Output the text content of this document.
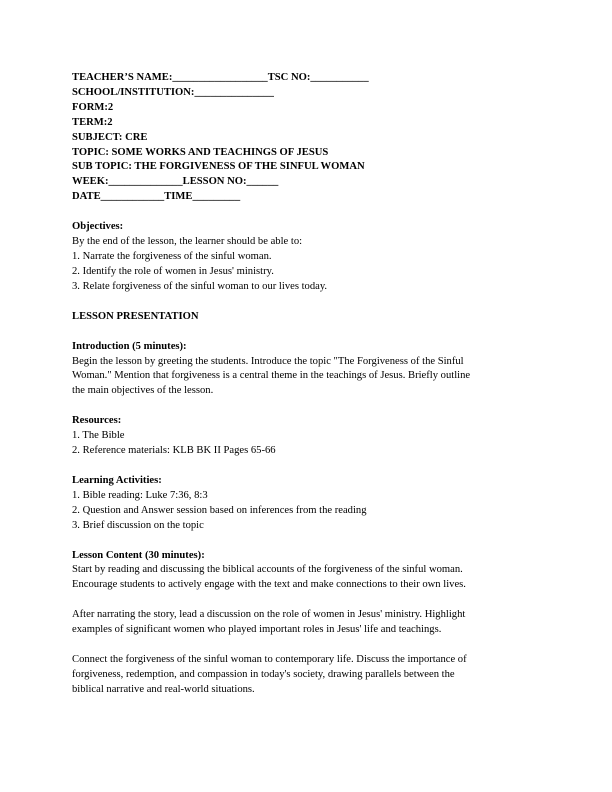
TEACHER’S NAME:__________________TSC NO:___________
SCHOOL/INSTITUTION:_______________
FORM:2
TERM:2
SUBJECT: CRE
TOPIC: SOME WORKS AND TEACHINGS OF JESUS
SUB TOPIC: THE FORGIVENESS OF THE SINFUL WOMAN
WEEK:______________LESSON NO:______
DATE____________TIME_________
Objectives:
By the end of the lesson, the learner should be able to:
1. Narrate the forgiveness of the sinful woman.
2. Identify the role of women in Jesus' ministry.
3. Relate forgiveness of the sinful woman to our lives today.
LESSON PRESENTATION
Introduction (5 minutes):
Begin the lesson by greeting the students. Introduce the topic "The Forgiveness of the Sinful
Woman." Mention that forgiveness is a central theme in the teachings of Jesus. Briefly outline
the main objectives of the lesson.
Resources:
1. The Bible
2. Reference materials: KLB BK II Pages 65-66
Learning Activities:
1. Bible reading: Luke 7:36, 8:3
2. Question and Answer session based on inferences from the reading
3. Brief discussion on the topic
Lesson Content (30 minutes):
Start by reading and discussing the biblical accounts of the forgiveness of the sinful woman.
Encourage students to actively engage with the text and make connections to their own lives.
After narrating the story, lead a discussion on the role of women in Jesus' ministry. Highlight
examples of significant women who played important roles in Jesus' life and teachings.
Connect the forgiveness of the sinful woman to contemporary life. Discuss the importance of
forgiveness, redemption, and compassion in today's society, drawing parallels between the
biblical narrative and real-world situations.
